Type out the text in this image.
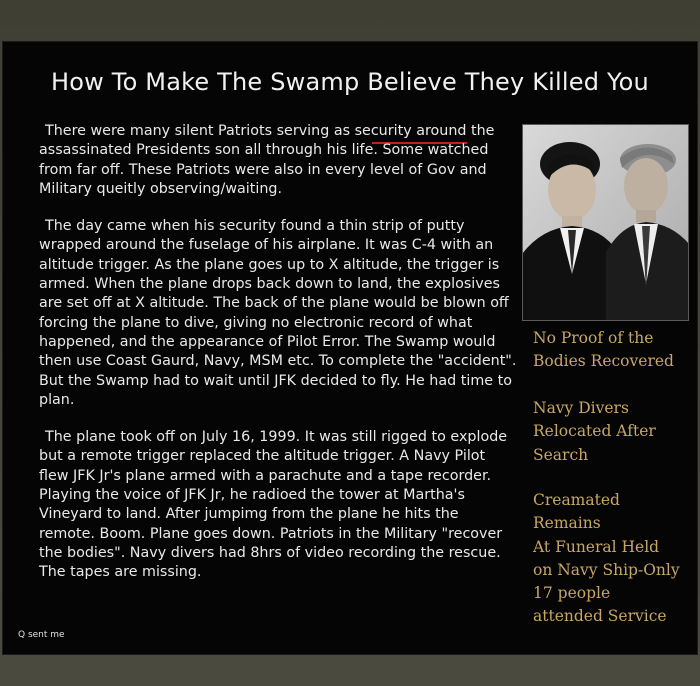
How To Make The Swamp Believe They Killed You

There were many silent Patriots serving as security around the assassinated Presidents son all through his life. Some watched from far off. These Patriots were also in every level of Gov and Military queitly observing/waiting.

The day came when his security found a thin strip of putty wrapped around the fuselage of his airplane. It was C-4 with an altitude trigger. As the plane goes up to X altitude, the trigger is armed. When the plane drops back down to land, the explosives are set off at X altitude. The back of the plane would be blown off forcing the plane to dive, giving no electronic record of what happened, and the appearance of Pilot Error. The Swamp would then use Coast Gaurd, Navy, MSM etc. To complete the "accident". But the Swamp had to wait until JFK decided to fly. He had time to plan.

The plane took off on July 16, 1999. It was still rigged to explode but a remote trigger replaced the altitude trigger. A Navy Pilot flew JFK Jr's plane armed with a parachute and a tape recorder. Playing the voice of JFK Jr, he radioed the tower at Martha's Vineyard to land. After jumpimg from the plane he hits the remote. Boom. Plane goes down. Patriots in the Military "recover the bodies". Navy divers had 8hrs of video recording the rescue. The tapes are missing.

No Proof of the
Bodies Recovered
Navy Divers
Relocated After
Search
Creamated
Remains
At Funeral Held
on Navy Ship-Only
17 people
attended Service
Q sent me
